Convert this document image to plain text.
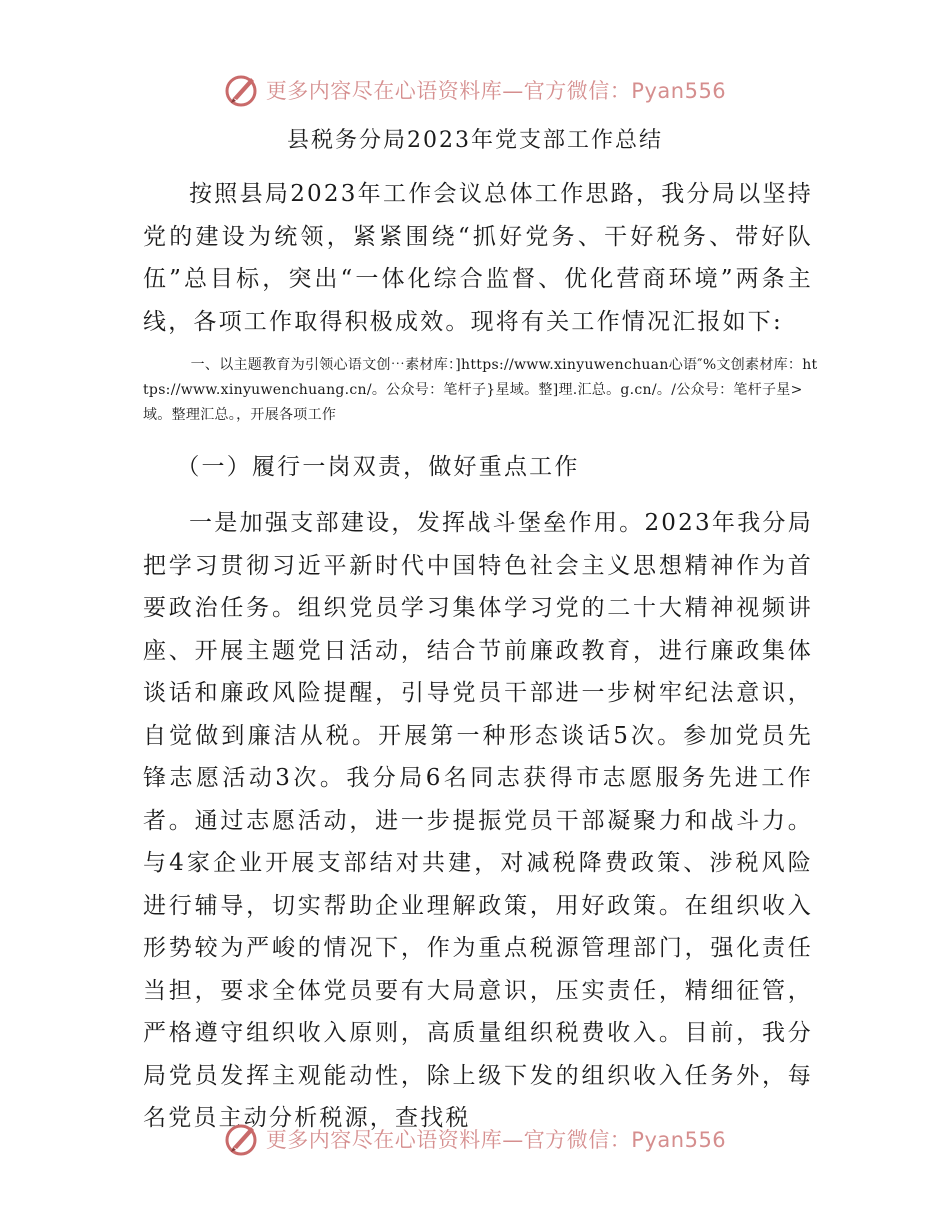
更多内容尽在心语资料库—官方微信：Pyan556
县税务分局2023年党支部工作总结

按照县局2023年工作会议总体工作思路，我分局以坚持党的建设为统领，紧紧围绕“抓好党务、干好税务、带好队伍”总目标，突出“一体化综合监督、优化营商环境”两条主线，各项工作取得积极成效。现将有关工作情况汇报如下:

一、以主题教育为引领心语文创⋯素材库：]https://www.xinyuwenchuan心语″%文创素材库：https://www.xinyuwenchuang.cn/。公众号：笔杆子}星域。整]理.汇总。g.cn/。/公众号：笔杆子星>域。整理汇总。，开展各项工作

（一）履行一岗双责，做好重点工作

一是加强支部建设，发挥战斗堡垒作用。2023年我分局把学习贯彻习近平新时代中国特色社会主义思想精神作为首要政治任务。组织党员学习集体学习党的二十大精神视频讲座、开展主题党日活动，结合节前廉政教育，进行廉政集体谈话和廉政风险提醒，引导党员干部进一步树牢纪法意识，自觉做到廉洁从税。开展第一种形态谈话5次。参加党员先锋志愿活动3次。我分局6名同志获得市志愿服务先进工作者。通过志愿活动，进一步提振党员干部凝聚力和战斗力。与4家企业开展支部结对共建，对减税降费政策、涉税风险进行辅导，切实帮助企业理解政策，用好政策。在组织收入形势较为严峻的情况下，作为重点税源管理部门，强化责任当担，要求全体党员要有大局意识，压实责任，精细征管，严格遵守组织收入原则，高质量组织税费收入。目前，我分局党员发挥主观能动性，除上级下发的组织收入任务外，每名党员主动分析税源，查找税

更多内容尽在心语资料库—官方微信：Pyan556
